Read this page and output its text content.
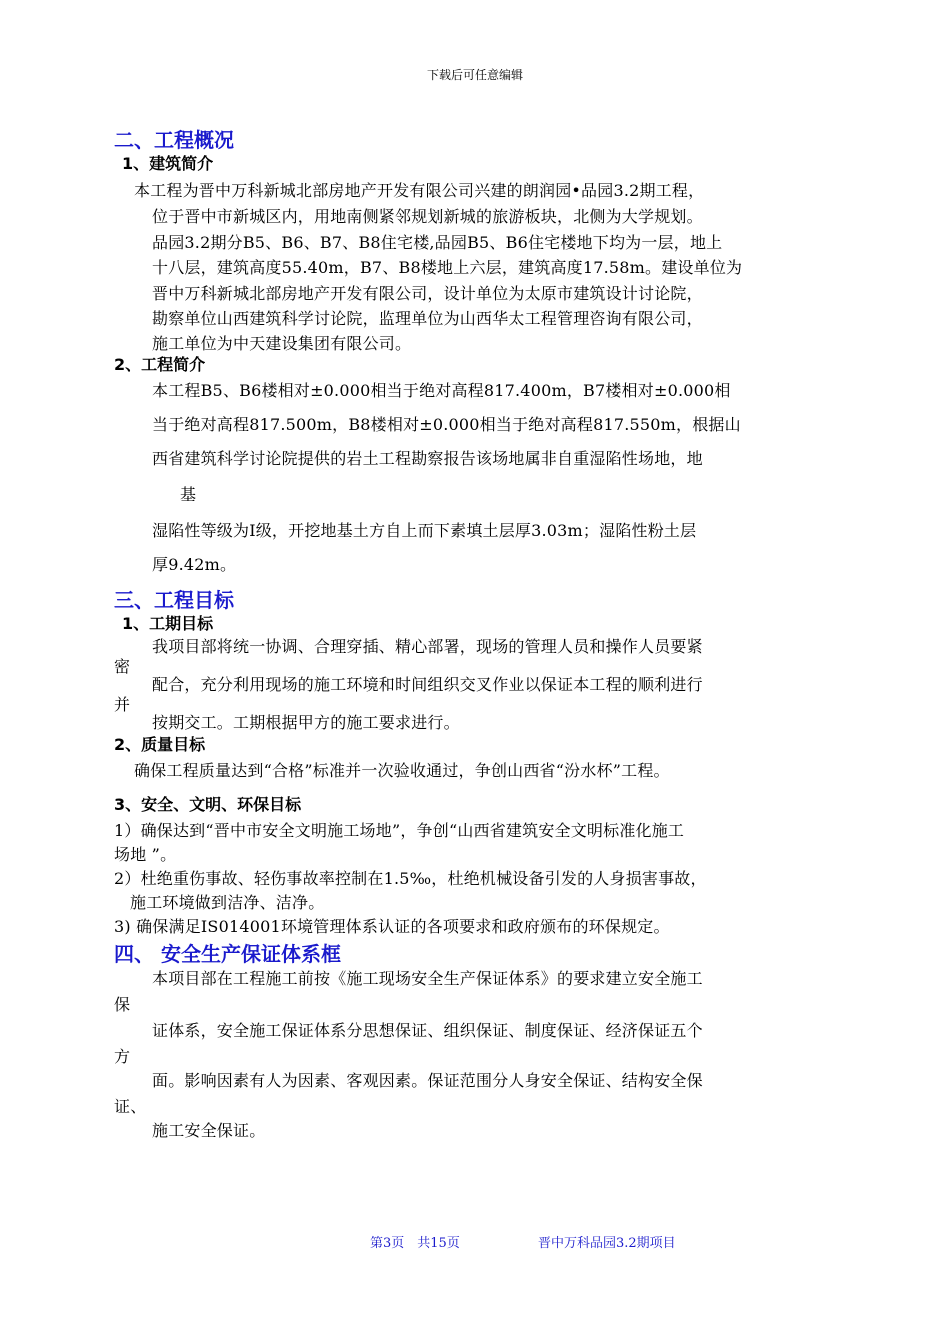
下载后可任意编辑
二、工程概况
1、建筑简介
本工程为晋中万科新城北部房地产开发有限公司兴建的朗润园•品园3.2期工程，
位于晋中市新城区内，用地南侧紧邻规划新城的旅游板块，北侧为大学规划。
品园3.2期分B5、B6、B7、B8住宅楼,品园B5、B6住宅楼地下均为一层，地上
十八层，建筑高度55.40m，B7、B8楼地上六层，建筑高度17.58m。建设单位为
晋中万科新城北部房地产开发有限公司，设计单位为太原市建筑设计讨论院，
勘察单位山西建筑科学讨论院，监理单位为山西华太工程管理咨询有限公司，
施工单位为中天建设集团有限公司。
2、工程简介
本工程B5、B6楼相对±0.000相当于绝对高程817.400m，B7楼相对±0.000相
当于绝对高程817.500m，B8楼相对±0.000相当于绝对高程817.550m，根据山
西省建筑科学讨论院提供的岩土工程勘察报告该场地属非自重湿陷性场地，地
基
湿陷性等级为I级，开挖地基土方自上而下素填土层厚3.03m；湿陷性粉土层
厚9.42m。
三、工程目标
1、工期目标
我项目部将统一协调、合理穿插、精心部署，现场的管理人员和操作人员要紧
密
配合，充分利用现场的施工环境和时间组织交叉作业以保证本工程的顺利进行
并
按期交工。工期根据甲方的施工要求进行。
2、质量目标
确保工程质量达到“合格”标准并一次验收通过，争创山西省“汾水杯”工程。
3、安全、文明、环保目标
1）确保达到“晋中市安全文明施工场地”，争创“山西省建筑安全文明标准化施工
场地 ”。
2）杜绝重伤事故、轻伤事故率控制在1.5‰，杜绝机械设备引发的人身损害事故，
施工环境做到洁净、洁净。
3) 确保满足IS014001环境管理体系认证的各项要求和政府颁布的环保规定。
四、 安全生产保证体系框
本项目部在工程施工前按《施工现场安全生产保证体系》的要求建立安全施工
保
证体系，安全施工保证体系分思想保证、组织保证、制度保证、经济保证五个
方
面。影响因素有人为因素、客观因素。保证范围分人身安全保证、结构安全保
证、
施工安全保证。
第3页　共15页	晋中万科品园3.2期项目
